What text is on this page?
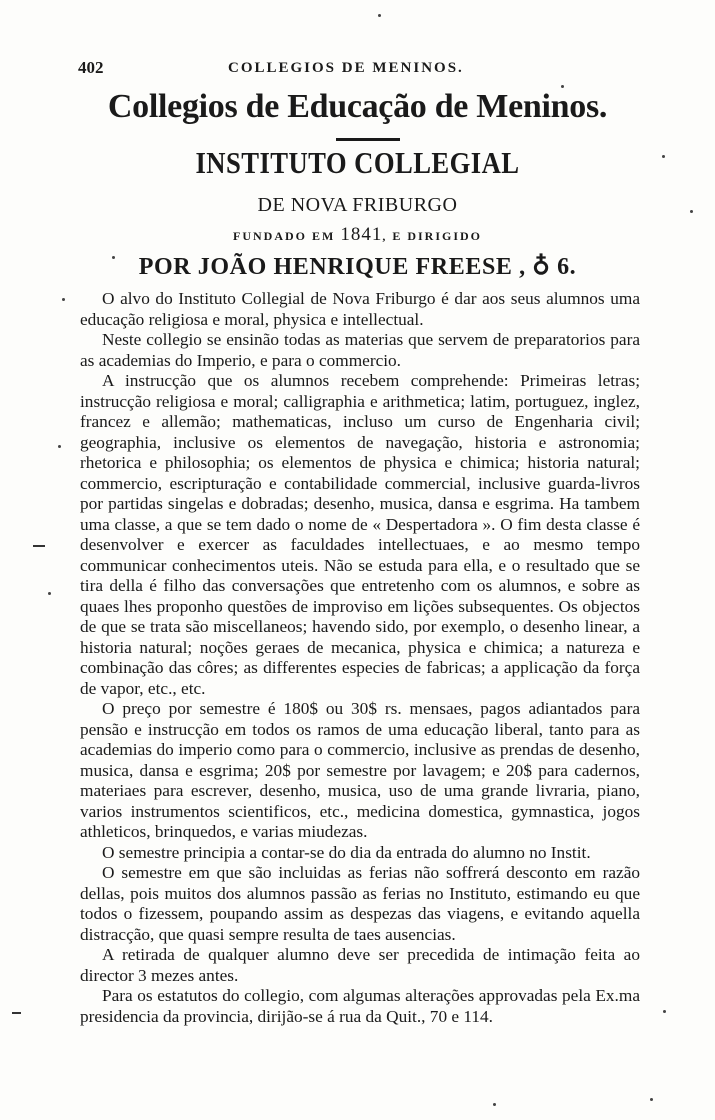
402	COLLEGIOS DE MENINOS.
Collegios de Educação de Meninos.
INSTITUTO COLLEGIAL
DE NOVA FRIBURGO
FUNDADO EM 1841, E DIRIGIDO
POR JOÃO HENRIQUE FREESE , ♁ 6.

O alvo do Instituto Collegial de Nova Friburgo é dar aos seus alumnos uma educação religiosa e moral, physica e intellectual.

Neste collegio se ensinão todas as materias que servem de preparatorios para as academias do Imperio, e para o commercio.

A instrucção que os alumnos recebem comprehende: Primeiras letras; instrucção religiosa e moral; calligraphia e arithmetica; latim, portuguez, inglez, francez e allemão; mathematicas, incluso um curso de Engenharia civil; geographia, inclusive os elementos de navegação, historia e astronomia; rhetorica e philosophia; os elementos de physica e chimica; historia natural; commercio, escripturação e contabilidade commercial, inclusive guarda-livros por partidas singelas e dobradas; desenho, musica, dansa e esgrima. Ha tambem uma classe, a que se tem dado o nome de « Despertadora ». O fim desta classe é desenvolver e exercer as faculdades intellectuaes, e ao mesmo tempo communicar conhecimentos uteis. Não se estuda para ella, e o resultado que se tira della é filho das conversações que entretenho com os alumnos, e sobre as quaes lhes proponho questões de improviso em lições subsequentes. Os objectos de que se trata são miscellaneos; havendo sido, por exemplo, o desenho linear, a historia natural; noções geraes de mecanica, physica e chimica; a natureza e combinação das côres; as differentes especies de fabricas; a applicação da força de vapor, etc., etc.

O preço por semestre é 180$ ou 30$ rs. mensaes, pagos adiantados para pensão e instrucção em todos os ramos de uma educação liberal, tanto para as academias do imperio como para o commercio, inclusive as prendas de desenho, musica, dansa e esgrima; 20$ por semestre por lavagem; e 20$ para cadernos, materiaes para escrever, desenho, musica, uso de uma grande livraria, piano, varios instrumentos scientificos, etc., medicina domestica, gymnastica, jogos athleticos, brinquedos, e varias miudezas.

O semestre principia a contar-se do dia da entrada do alumno no Instit.

O semestre em que são incluidas as ferias não soffrerá desconto em razão dellas, pois muitos dos alumnos passão as ferias no Instituto, estimando eu que todos o fizessem, poupando assim as despezas das viagens, e evitando aquella distracção, que quasi sempre resulta de taes ausencias.

A retirada de qualquer alumno deve ser precedida de intimação feita ao director 3 mezes antes.

Para os estatutos do collegio, com algumas alterações approvadas pela Ex.ma presidencia da provincia, dirijão-se á rua da Quit., 70 e 114.
